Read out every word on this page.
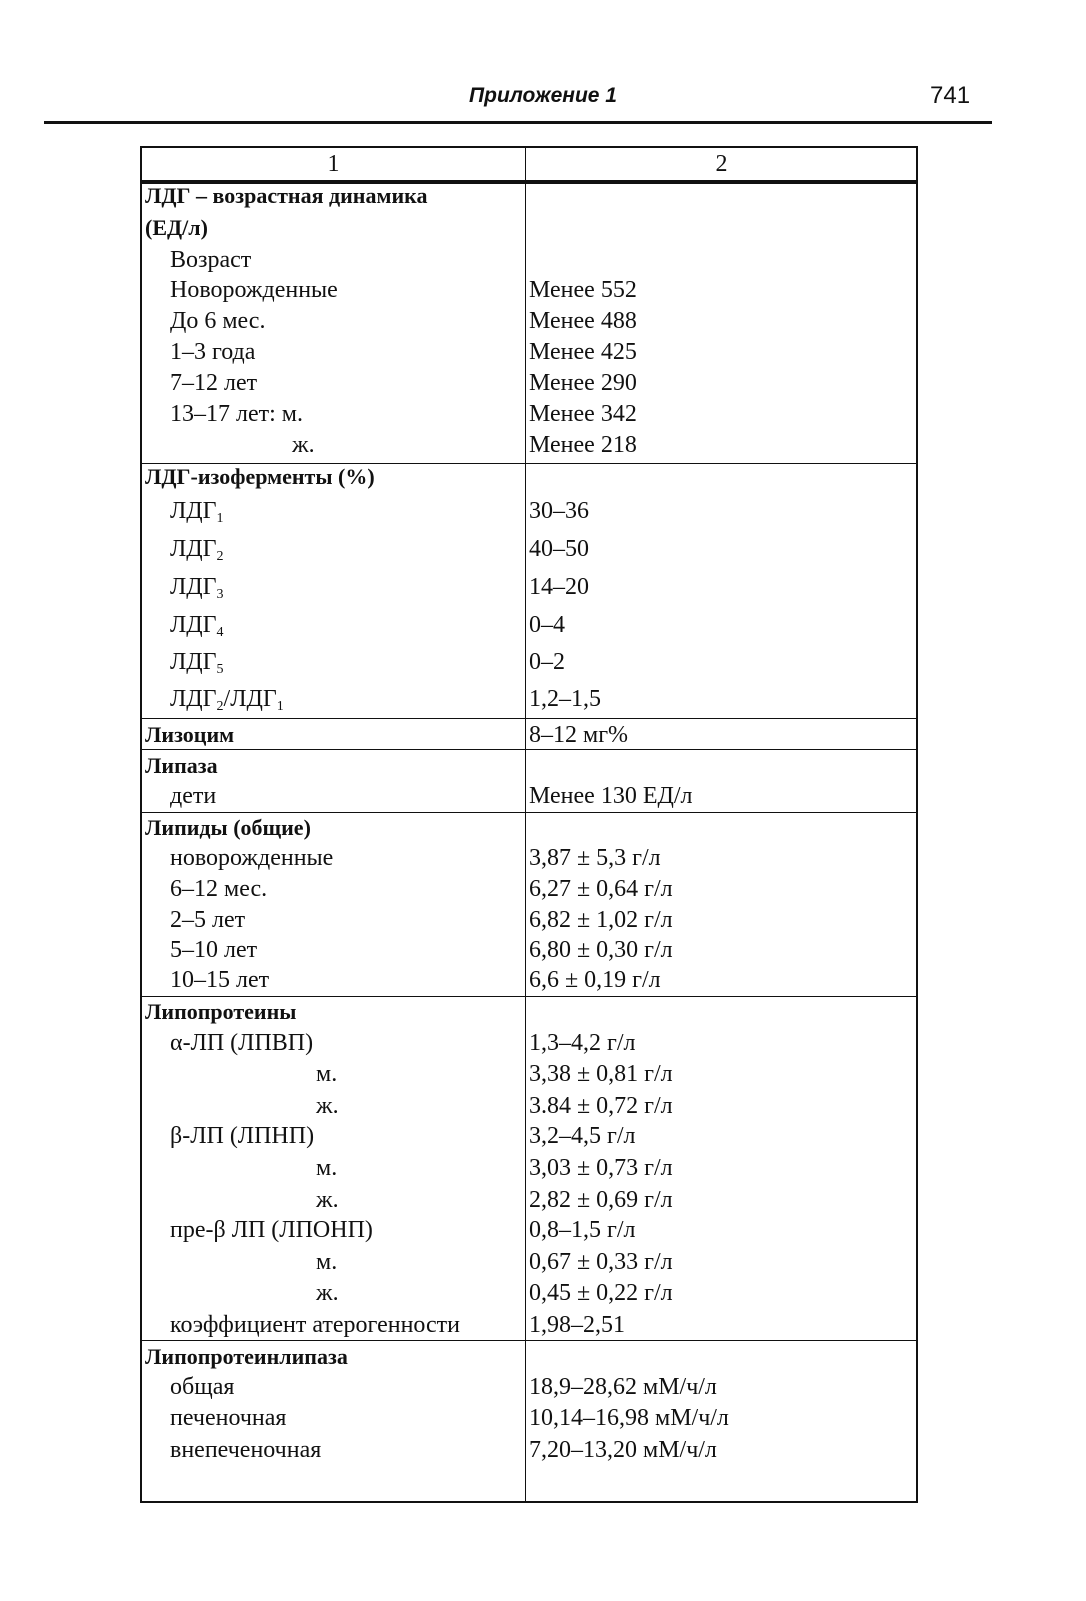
Приложение 1	741
1	2
ЛДГ – возрастная динамика
(ЕД/л)
Возраст
Новорожденные	Менее 552
До 6 мес.	Менее 488
1–3 года	Менее 425
7–12 лет	Менее 290
13–17 лет: м.	Менее 342
ж.	Менее 218
ЛДГ-изоферменты (%)
$ЛДГ_1$	30–36
$ЛДГ_2$	40–50
$ЛДГ_3$	14–20
$ЛДГ_4$	0–4
$ЛДГ_5$	0–2
$ЛДГ_2/ЛДГ_1$	1,2–1,5
Лизоцим	8–12 мг%
Липаза
дети	Менее 130 ЕД/л
Липиды (общие)
новорожденные	3,87 ± 5,3 г/л
6–12 мес.	6,27 ± 0,64 г/л
2–5 лет	6,82 ± 1,02 г/л
5–10 лет	6,80 ± 0,30 г/л
10–15 лет	6,6 ± 0,19 г/л
Липопротеины
α-ЛП (ЛПВП)	1,3–4,2 г/л
м.	3,38 ± 0,81 г/л
ж.	3.84 ± 0,72 г/л
β-ЛП (ЛПНП)	3,2–4,5 г/л
м.	3,03 ± 0,73 г/л
ж.	2,82 ± 0,69 г/л
пре-β ЛП (ЛПОНП)	0,8–1,5 г/л
м.	0,67 ± 0,33 г/л
ж.	0,45 ± 0,22 г/л
коэффициент атерогенности	1,98–2,51
Липопротеинлипаза
общая	18,9–28,62 мМ/ч/л
печеночная	10,14–16,98 мМ/ч/л
внепеченочная	7,20–13,20 мМ/ч/л
